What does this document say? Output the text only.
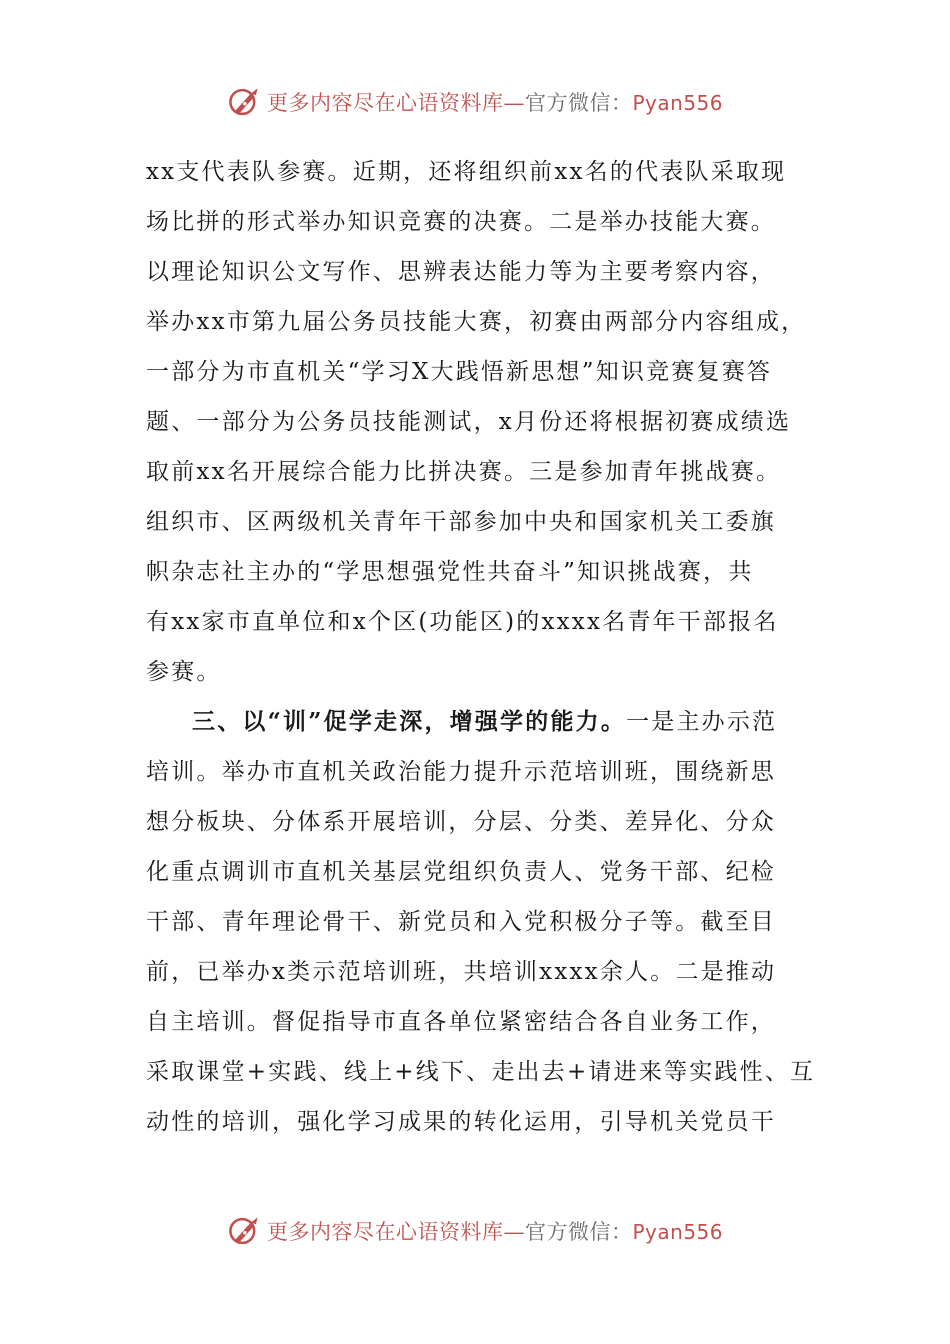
更多内容尽在心语资料库—官方微信：Pyan556
xx支代表队参赛。近期，还将组织前xx名的代表队采取现
场比拼的形式举办知识竞赛的决赛。二是举办技能大赛。
以理论知识公文写作、思辨表达能力等为主要考察内容，
举办xx市第九届公务员技能大赛，初赛由两部分内容组成，
一部分为市直机关“学习X大践悟新思想”知识竞赛复赛答
题、一部分为公务员技能测试，x月份还将根据初赛成绩选
取前xx名开展综合能力比拼决赛。三是参加青年挑战赛。
组织市、区两级机关青年干部参加中央和国家机关工委旗
帜杂志社主办的“学思想强党性共奋斗”知识挑战赛，共
有xx家市直单位和x个区(功能区)的xxxx名青年干部报名
参赛。
三、以“训”促学走深，增强学的能力。一是主办示范
培训。举办市直机关政治能力提升示范培训班，围绕新思
想分板块、分体系开展培训，分层、分类、差异化、分众
化重点调训市直机关基层党组织负责人、党务干部、纪检
干部、青年理论骨干、新党员和入党积极分子等。截至目
前，已举办x类示范培训班，共培训xxxx余人。二是推动
自主培训。督促指导市直各单位紧密结合各自业务工作，
采取课堂+实践、线上+线下、走出去+请进来等实践性、互
动性的培训，强化学习成果的转化运用，引导机关党员干
更多内容尽在心语资料库—官方微信：Pyan556
